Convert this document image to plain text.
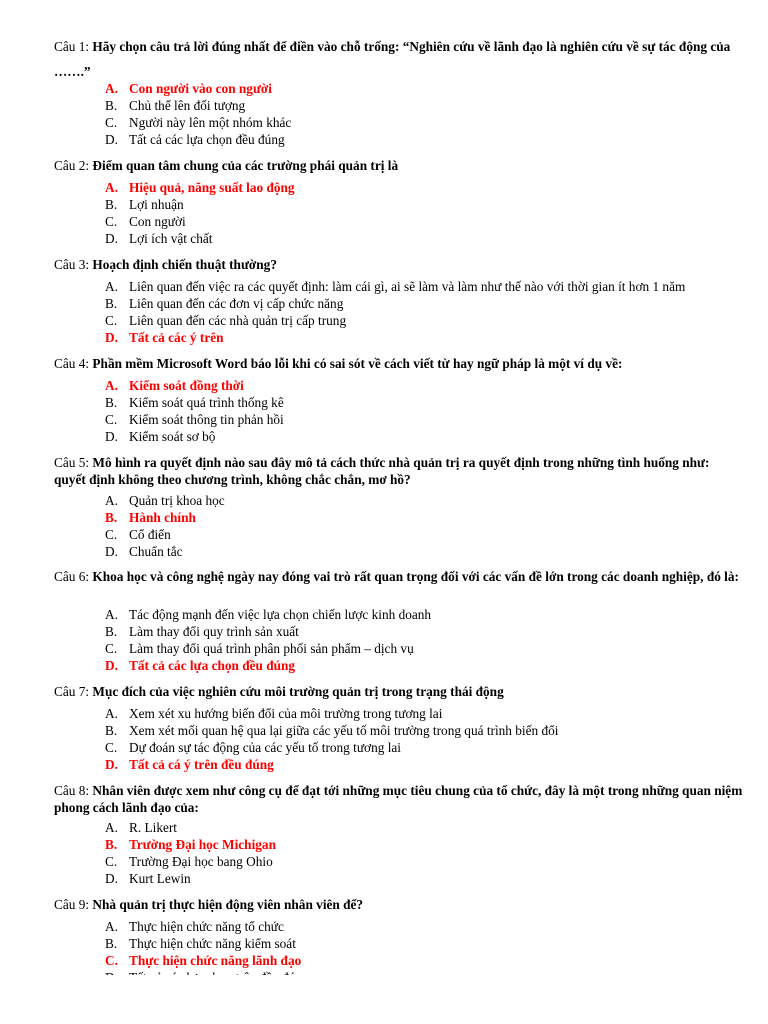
Câu 1: Hãy chọn câu trả lời đúng nhất để điền vào chỗ trống: “Nghiên cứu về lãnh đạo là nghiên cứu về sự tác động của …….”
A. Con người vào con người
B. Chủ thể lên đối tượng
C. Người này lên một nhóm khác
D. Tất cả các lựa chọn đều đúng
Câu 2: Điểm quan tâm chung của các trường phái quản trị là
A. Hiệu quả, năng suất lao động
B. Lợi nhuận
C. Con người
D. Lợi ích vật chất
Câu 3: Hoạch định chiến thuật thường?
A. Liên quan đến việc ra các quyết định: làm cái gì, ai sẽ làm và làm như thế nào với thời gian ít hơn 1 năm
B. Liên quan đến các đơn vị cấp chức năng
C. Liên quan đến các nhà quản trị cấp trung
D. Tất cả các ý trên
Câu 4: Phần mềm Microsoft Word báo lỗi khi có sai sót về cách viết từ hay ngữ pháp là một ví dụ về:
A. Kiểm soát đồng thời
B. Kiểm soát quá trình thống kê
C. Kiểm soát thông tin phản hồi
D. Kiểm soát sơ bộ
Câu 5: Mô hình ra quyết định nào sau đây mô tả cách thức nhà quản trị ra quyết định trong những tình huống như: quyết định không theo chương trình, không chắc chắn, mơ hồ?
A. Quản trị khoa học
B. Hành chính
C. Cổ điển
D. Chuẩn tắc
Câu 6: Khoa học và công nghệ ngày nay đóng vai trò rất quan trọng đối với các vấn đề lớn trong các doanh nghiệp, đó là:
A. Tác động mạnh đến việc lựa chọn chiến lược kinh doanh
B. Làm thay đổi quy trình sản xuất
C. Làm thay đổi quá trình phân phối sản phẩm – dịch vụ
D. Tất cả các lựa chọn đều đúng
Câu 7: Mục đích của việc nghiên cứu môi trường quản trị trong trạng thái động
A. Xem xét xu hướng biến đổi của môi trường trong tương lai
B. Xem xét mối quan hệ qua lại giữa các yếu tố môi trường trong quá trình biến đổi
C. Dự đoán sự tác động của các yếu tố trong tương lai
D. Tất cả cá ý trên đều đúng
Câu 8: Nhân viên được xem như công cụ để đạt tới những mục tiêu chung của tổ chức, đây là một trong những quan niệm phong cách lãnh đạo của:
A. R. Likert
B. Trường Đại học Michigan
C. Trường Đại học bang Ohio
D. Kurt Lewin
Câu 9: Nhà quản trị thực hiện động viên nhân viên để?
A. Thực hiện chức năng tổ chức
B. Thực hiện chức năng kiểm soát
C. Thực hiện chức năng lãnh đạo
